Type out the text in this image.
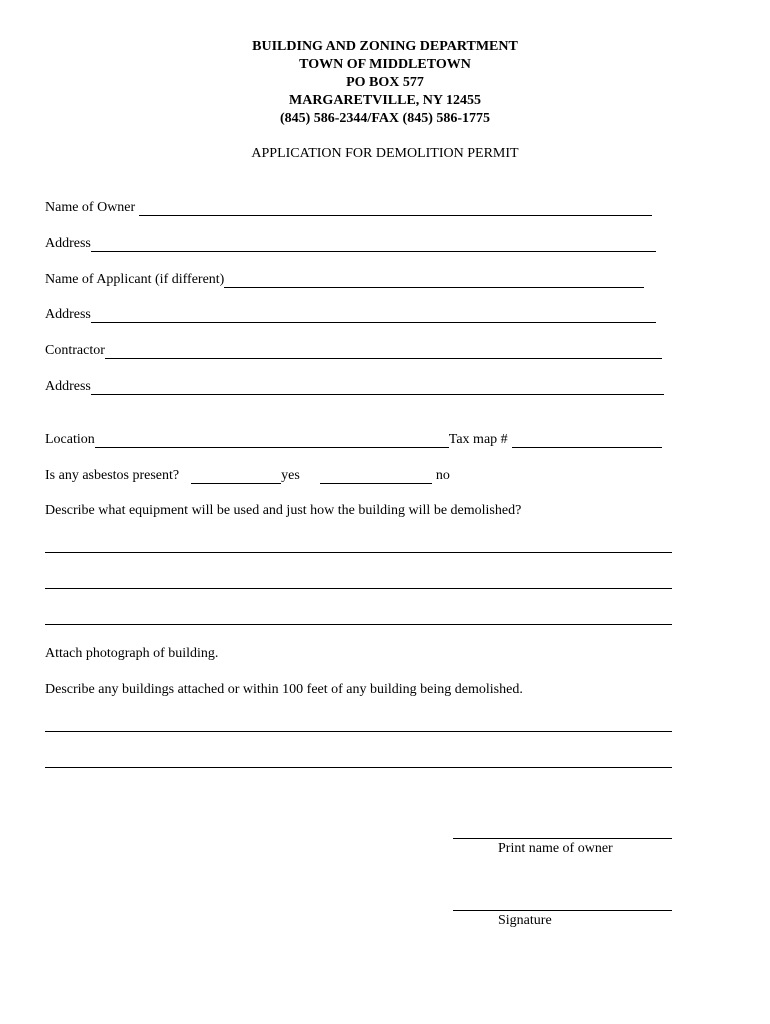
BUILDING AND ZONING DEPARTMENT
TOWN OF MIDDLETOWN
PO BOX 577
MARGARETVILLE, NY 12455
(845) 586-2344/FAX (845) 586-1775
APPLICATION FOR DEMOLITION PERMIT
Name of Owner
Address
Name of Applicant (if different)
Address
Contractor
Address
Location	Tax map #
Is any asbestos present?	yes	no
Describe what equipment will be used and just how the building will be demolished?
Attach photograph of building.
Describe any buildings attached or within 100 feet of any building being demolished.
Print name of owner
Signature
